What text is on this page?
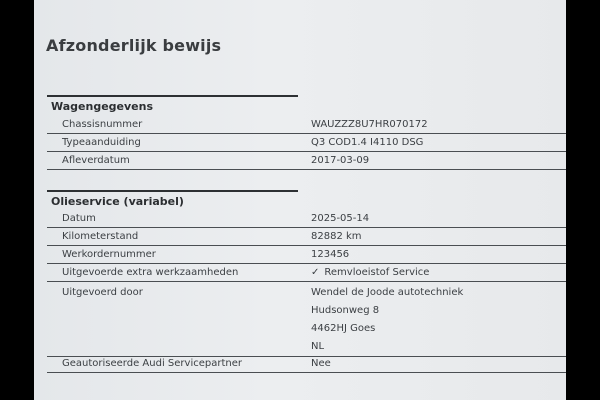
Afzonderlijk bewijs
Wagengegevens
Chassisnummer	WAUZZZ8U7HR070172
Typeaanduiding	Q3 COD1.4 I4110 DSG
Afleverdatum	2017-03-09
Olieservice (variabel)
Datum	2025-05-14
Kilometerstand	82882 km
Werkordernummer	123456
Uitgevoerde extra werkzaamheden	✓ Remvloeistof Service
Uitgevoerd door	Wendel de Joode autotechniek
Hudsonweg 8
4462HJ Goes
NL
Geautoriseerde Audi Servicepartner	Nee
